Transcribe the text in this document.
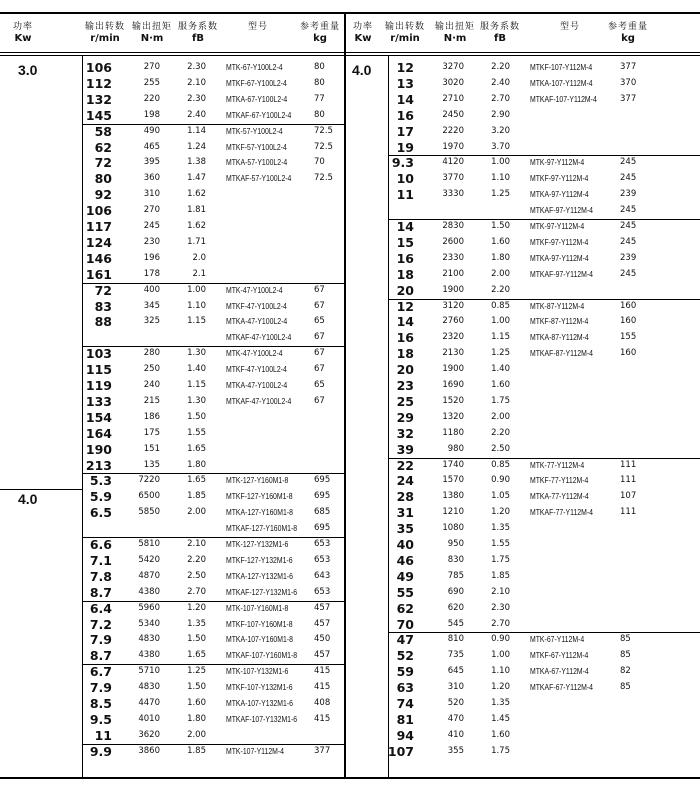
功率
Kw
输出转数
r/min
输出扭矩
N·m
服务系数
fB
型号	参考重量
kg
106	270	2.30	MTK-67-Y100L2-4	80
112	255	2.10	MTKF-67-Y100L2-4	80
132	220	2.30	MTKA-67-Y100L2-4	77
145	198	2.40	MTKAF-67-Y100L2-4	80
58	490	1.14	MTK-57-Y100L2-4	72.5
62	465	1.24	MTKF-57-Y100L2-4	72.5
72	395	1.38	MTKA-57-Y100L2-4	70
80	360	1.47	MTKAF-57-Y100L2-4	72.5
92	310	1.62
106	270	1.81
117	245	1.62
124	230	1.71
146	196	2.0
161	178	2.1
72	400	1.00	MTK-47-Y100L2-4	67
83	345	1.10	MTKF-47-Y100L2-4	67
88	325	1.15	MTKA-47-Y100L2-4	65
MTKAF-47-Y100L2-4	67
103	280	1.30	MTK-47-Y100L2-4	67
115	250	1.40	MTKF-47-Y100L2-4	67
119	240	1.15	MTKA-47-Y100L2-4	65
133	215	1.30	MTKAF-47-Y100L2-4	67
154	186	1.50
164	175	1.55
190	151	1.65
213	135	1.80
5.3	7220	1.65	MTK-127-Y160M1-8	695
5.9	6500	1.85	MTKF-127-Y160M1-8	695
6.5	5850	2.00	MTKA-127-Y160M1-8 685
MTKAF-127-Y160M1-8 695
6.6	5810	2.10	MTK-127-Y132M1-6	653
7.1	5420	2.20	MTKF-127-Y132M1-6	653
7.8	4870	2.50	MTKA-127-Y132M1-6 643
8.7	4380	2.70	MTKAF-127-Y132M1-6 653
6.4	5960	1.20	MTK-107-Y160M1-8	457
7.2	5340	1.35	MTKF-107-Y160M1-8	457
7.9	4830	1.50	MTKA-107-Y160M1-8 450
8.7	4380	1.65	MTKAF-107-Y160M1-8 457
6.7	5710	1.25	MTK-107-Y132M1-6	415
7.9	4830	1.50	MTKF-107-Y132M1-6	415
8.5	4470	1.60	MTKA-107-Y132M1-6 408
9.5	4010	1.80	MTKAF-107-Y132M1-6 415
11	3620	2.00
9.9	3860	1.85	MTK-107-Y112M-4	377
3.0
4.0
功率
Kw
输出转数
r/min
输出扭矩
N·m
服务系数
fB
型号	参考重量
kg
12	3270	2.20	MTKF-107-Y112M-4	377
13	3020	2.40	MTKA-107-Y112M-4	370
14	2710	2.70	MTKAF-107-Y112M-4	377
16	2450	2.90
17	2220	3.20
19	1970	3.70
9.3	4120	1.00	MTK-97-Y112M-4	245
10	3770	1.10	MTKF-97-Y112M-4	245
11	3330	1.25	MTKA-97-Y112M-4	239
MTKAF-97-Y112M-4	245
14	2830	1.50	MTK-97-Y112M-4	245
15	2600	1.60	MTKF-97-Y112M-4	245
16	2330	1.80	MTKA-97-Y112M-4	239
18	2100	2.00	MTKAF-97-Y112M-4	245
20	1900	2.20
12	3120	0.85	MTK-87-Y112M-4	160
14	2760	1.00	MTKF-87-Y112M-4	160
16	2320	1.15	MTKA-87-Y112M-4	155
18	2130	1.25	MTKAF-87-Y112M-4	160
20	1900	1.40
23	1690	1.60
25	1520	1.75
29	1320	2.00
32	1180	2.20
39	980	2.50
22	1740	0.85	MTK-77-Y112M-4	111
24	1570	0.90	MTKF-77-Y112M-4	111
28	1380	1.05	MTKA-77-Y112M-4	107
31	1210	1.20	MTKAF-77-Y112M-4	111
35	1080	1.35
40	950	1.55
46	830	1.75
49	785	1.85
55	690	2.10
62	620	2.30
70	545	2.70
47	810	0.90	MTK-67-Y112M-4	85
52	735	1.00	MTKF-67-Y112M-4	85
59	645	1.10	MTKA-67-Y112M-4	82
63	310	1.20	MTKAF-67-Y112M-4	85
74	520	1.35
81	470	1.45
94	410	1.60
107	355	1.75
4.0
